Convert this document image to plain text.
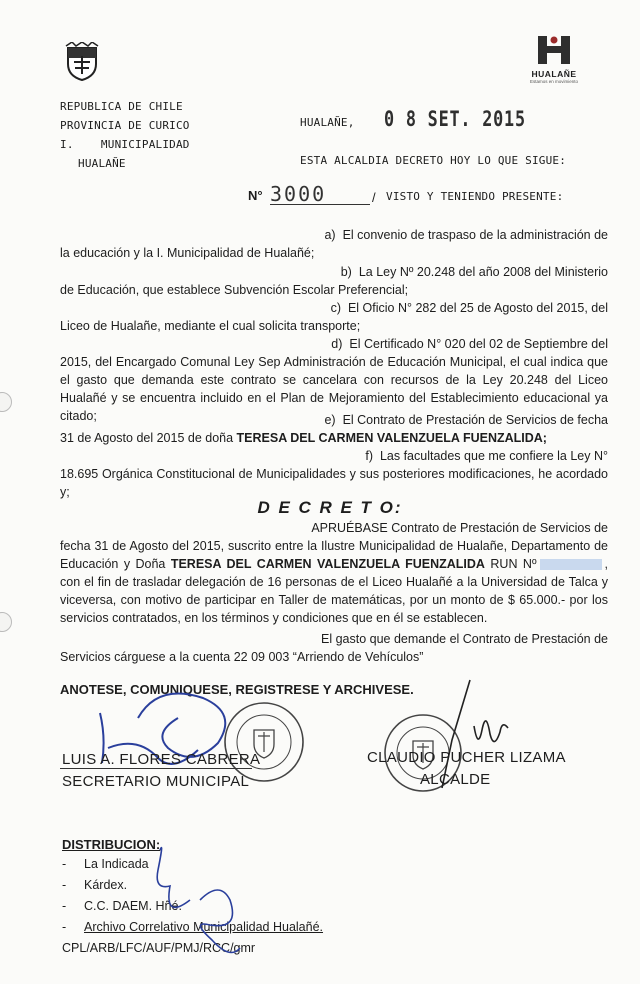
HUALAÑE
Estamos en movimiento
REPUBLICA DE CHILE
PROVINCIA DE CURICO
I.    MUNICIPALIDAD
HUALAÑE
HUALAÑE, 0 8 SET. 2015
ESTA ALCALDIA DECRETO HOY LO QUE SIGUE:
N° 3000	/ VISTO Y TENIENDO PRESENTE:

a) El convenio de traspaso de la administración de

la educación y la I. Municipalidad de Hualañé;

b) La Ley Nº 20.248 del año 2008 del Ministerio

de Educación, que establece Subvención Escolar Preferencial;

c) El Oficio N° 282 del 25 de Agosto del 2015, del

Liceo de Hualañe, mediante el cual solicita transporte;

d) El Certificado N° 020 del 02 de Septiembre del

2015, del Encargado Comunal Ley Sep Administración de Educación Municipal, el cual indica que el gasto que demanda este contrato se cancelara con recursos de la Ley 20.248 del Liceo Hualañé y se encuentra incluido en el Plan de Mejoramiento del Establecimiento educacional ya citado;	e) El Contrato de Prestación de Servicios de fecha

31 de Agosto del 2015 de doña TERESA DEL CARMEN VALENZUELA FUENZALIDA;

f) Las facultades que me confiere la Ley N°

18.695 Orgánica Constitucional de Municipalidades y sus posteriores modificaciones, he acordado y;

D E C R E T O:

APRUÉBASE Contrato de Prestación de Servicios de

fecha 31 de Agosto del 2015, suscrito entre la Ilustre Municipalidad de Hualañe, Departamento de Educación y Doña TERESA DEL CARMEN VALENZUELA FUENZALIDA RUN Nº	, con el fin de trasladar delegación de 16 personas de el Liceo Hualañé a la Universidad de Talca y viceversa, con motivo de participar en Taller de matemáticas, por un monto de $ 65.000.- por los servicios contratados, en los términos y condiciones que en él se establecen.

El gasto que demande el Contrato de Prestación de

Servicios cárguese a la cuenta 22 09 003 “Arriendo de Vehículos”

ANOTESE, COMUNIQUESE, REGISTRESE Y ARCHIVESE.
LUIS A. FLORES CABRERA
SECRETARIO MUNICIPAL
CLAUDIO PUCHER LIZAMA
ALCALDE
DISTRIBUCION:
- La Indicada
- Kárdex.
- C.C. DAEM. Hñé.
- Archivo Correlativo Municipalidad Hualañé.
CPL/ARB/LFC/AUF/PMJ/RCC/gmr
